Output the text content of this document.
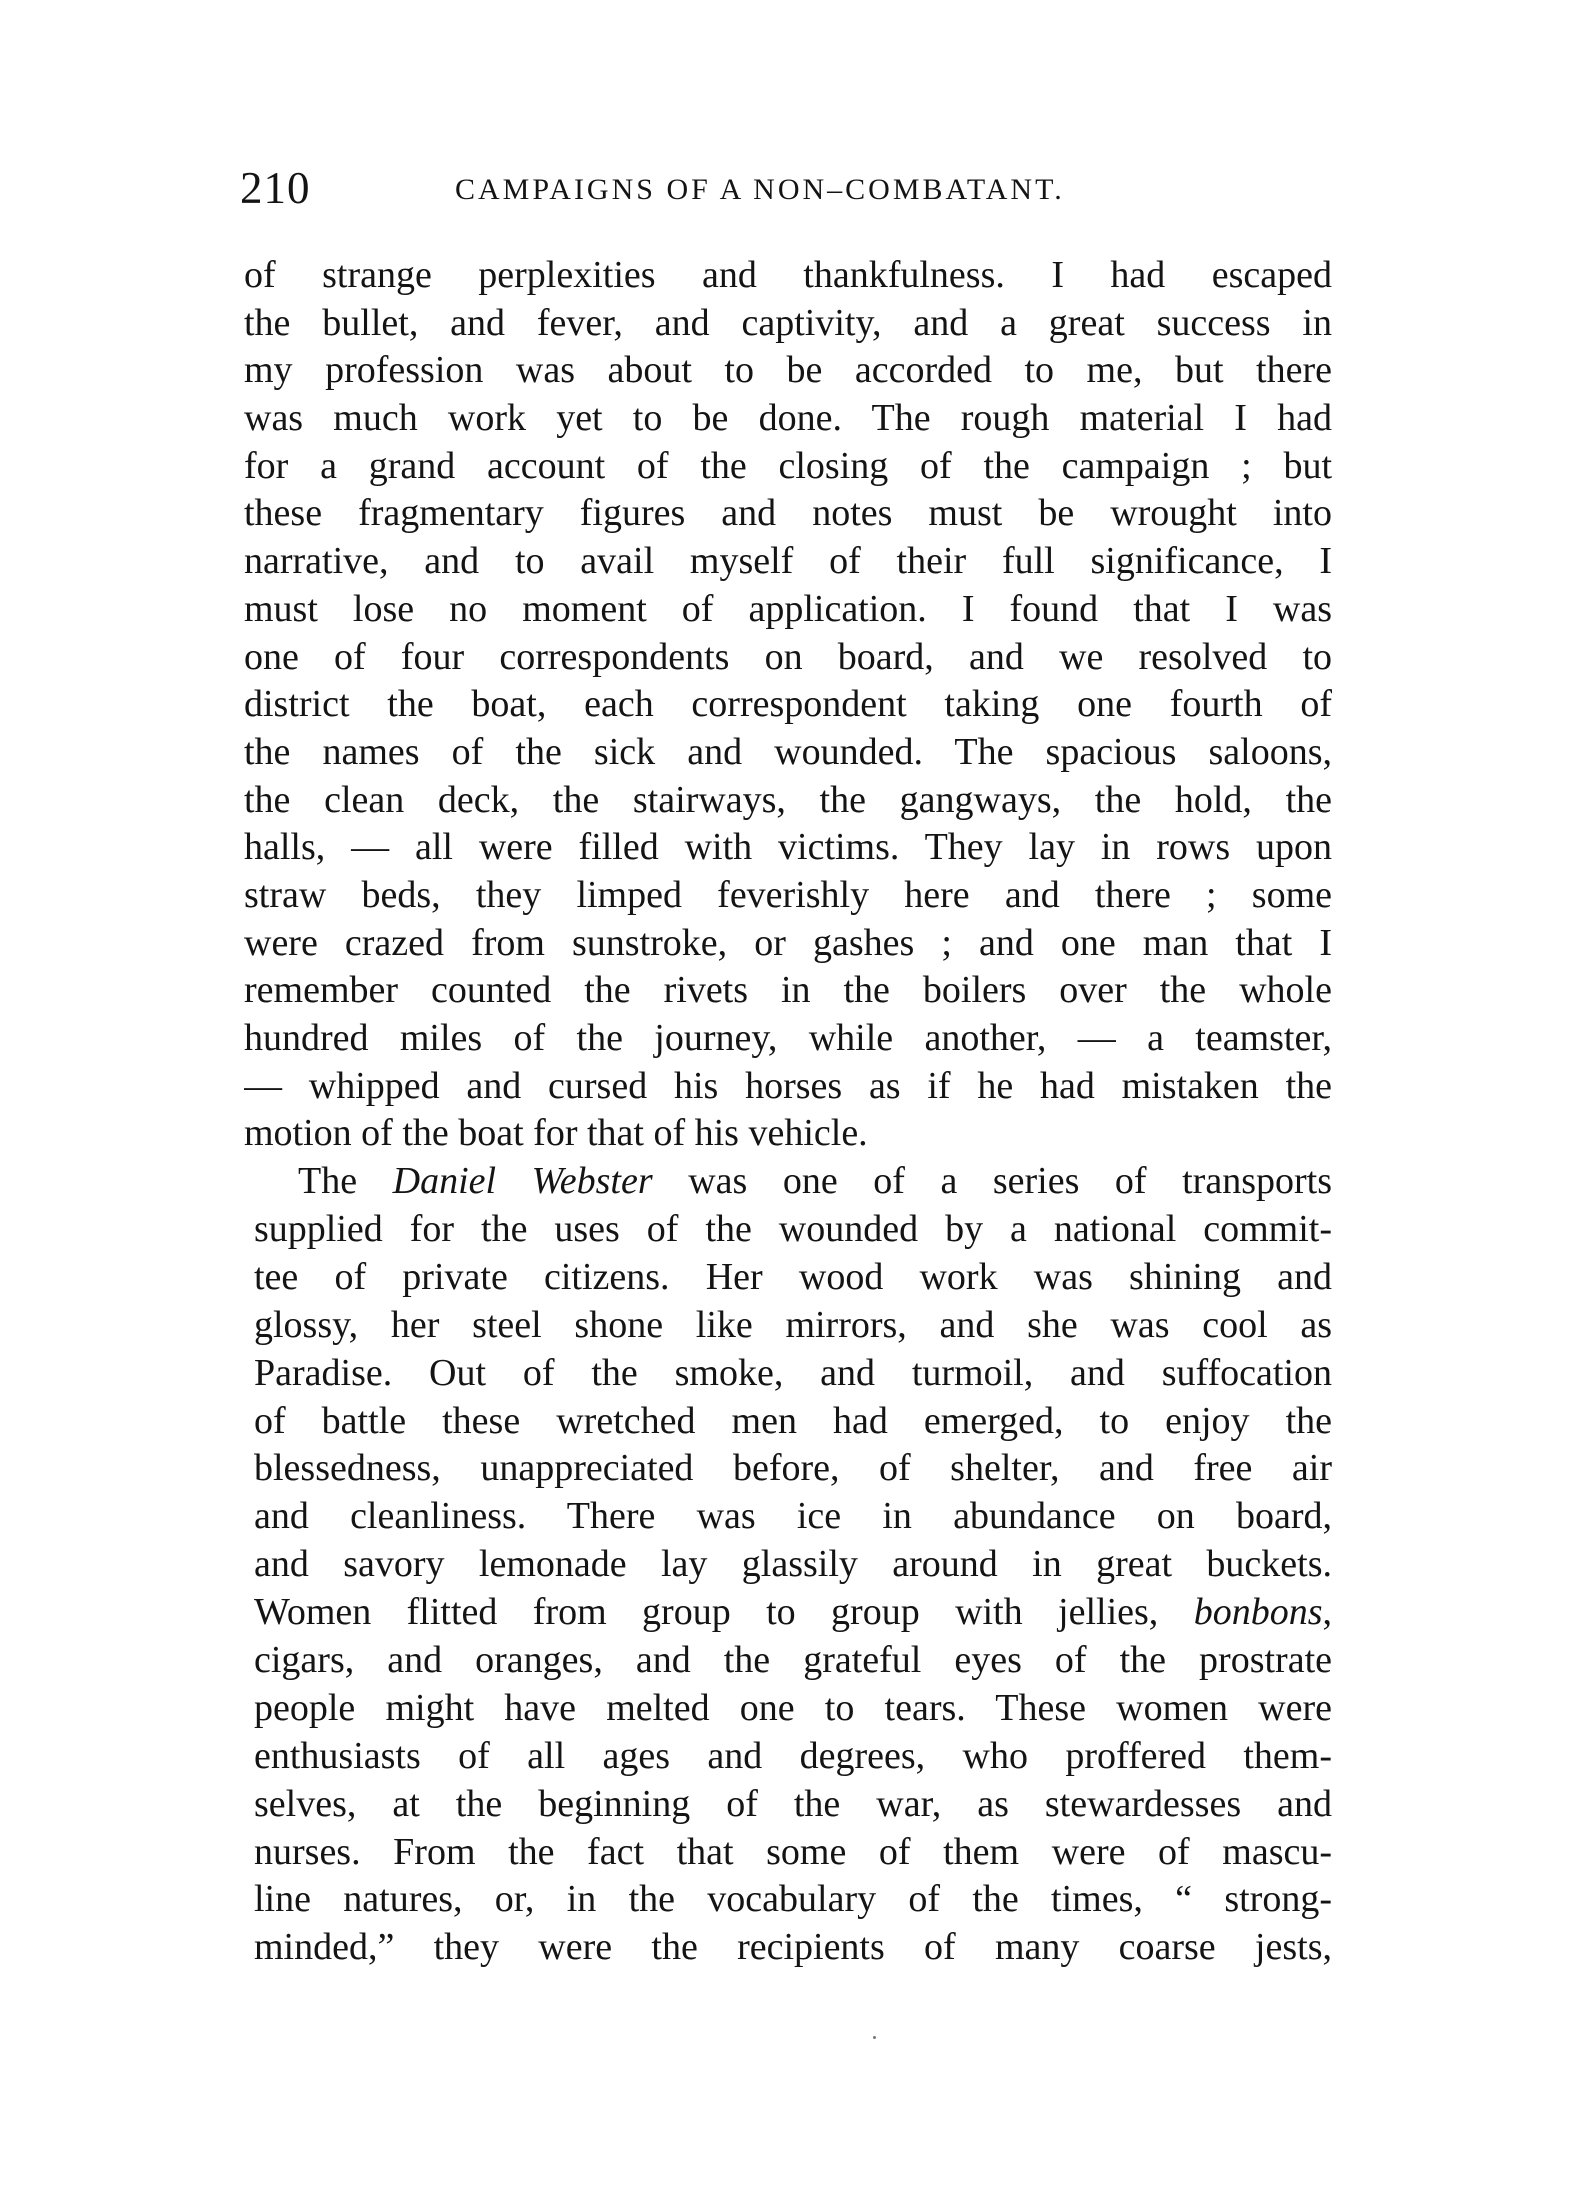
210	CAMPAIGNS OF A NON–COMBATANT.
of strange perplexities and thankfulness. I had escaped
the bullet, and fever, and captivity, and a great success in
my profession was about to be accorded to me, but there
was much work yet to be done. The rough material I had
for a grand account of the closing of the campaign ; but
these fragmentary figures and notes must be wrought into
narrative, and to avail myself of their full significance, I
must lose no moment of application. I found that I was
one of four correspondents on board, and we resolved to
district the boat, each correspondent taking one fourth of
the names of the sick and wounded. The spacious saloons,
the clean deck, the stairways, the gangways, the hold, the
halls, — all were filled with victims. They lay in rows upon
straw beds, they limped feverishly here and there ; some
were crazed from sunstroke, or gashes ; and one man that I
remember counted the rivets in the boilers over the whole
hundred miles of the journey, while another, — a teamster,
— whipped and cursed his horses as if he had mistaken the
motion of the boat for that of his vehicle.
The Daniel Webster was one of a series of transports
supplied for the uses of the wounded by a national commit-
tee of private citizens. Her wood work was shining and
glossy, her steel shone like mirrors, and she was cool as
Paradise. Out of the smoke, and turmoil, and suffocation
of battle these wretched men had emerged, to enjoy the
blessedness, unappreciated before, of shelter, and free air
and cleanliness. There was ice in abundance on board,
and savory lemonade lay glassily around in great buckets.
Women flitted from group to group with jellies, bonbons,
cigars, and oranges, and the grateful eyes of the prostrate
people might have melted one to tears. These women were
enthusiasts of all ages and degrees, who proffered them-
selves, at the beginning of the war, as stewardesses and
nurses. From the fact that some of them were of mascu-
line natures, or, in the vocabulary of the times, “ strong-
minded,” they were the recipients of many coarse jests,
